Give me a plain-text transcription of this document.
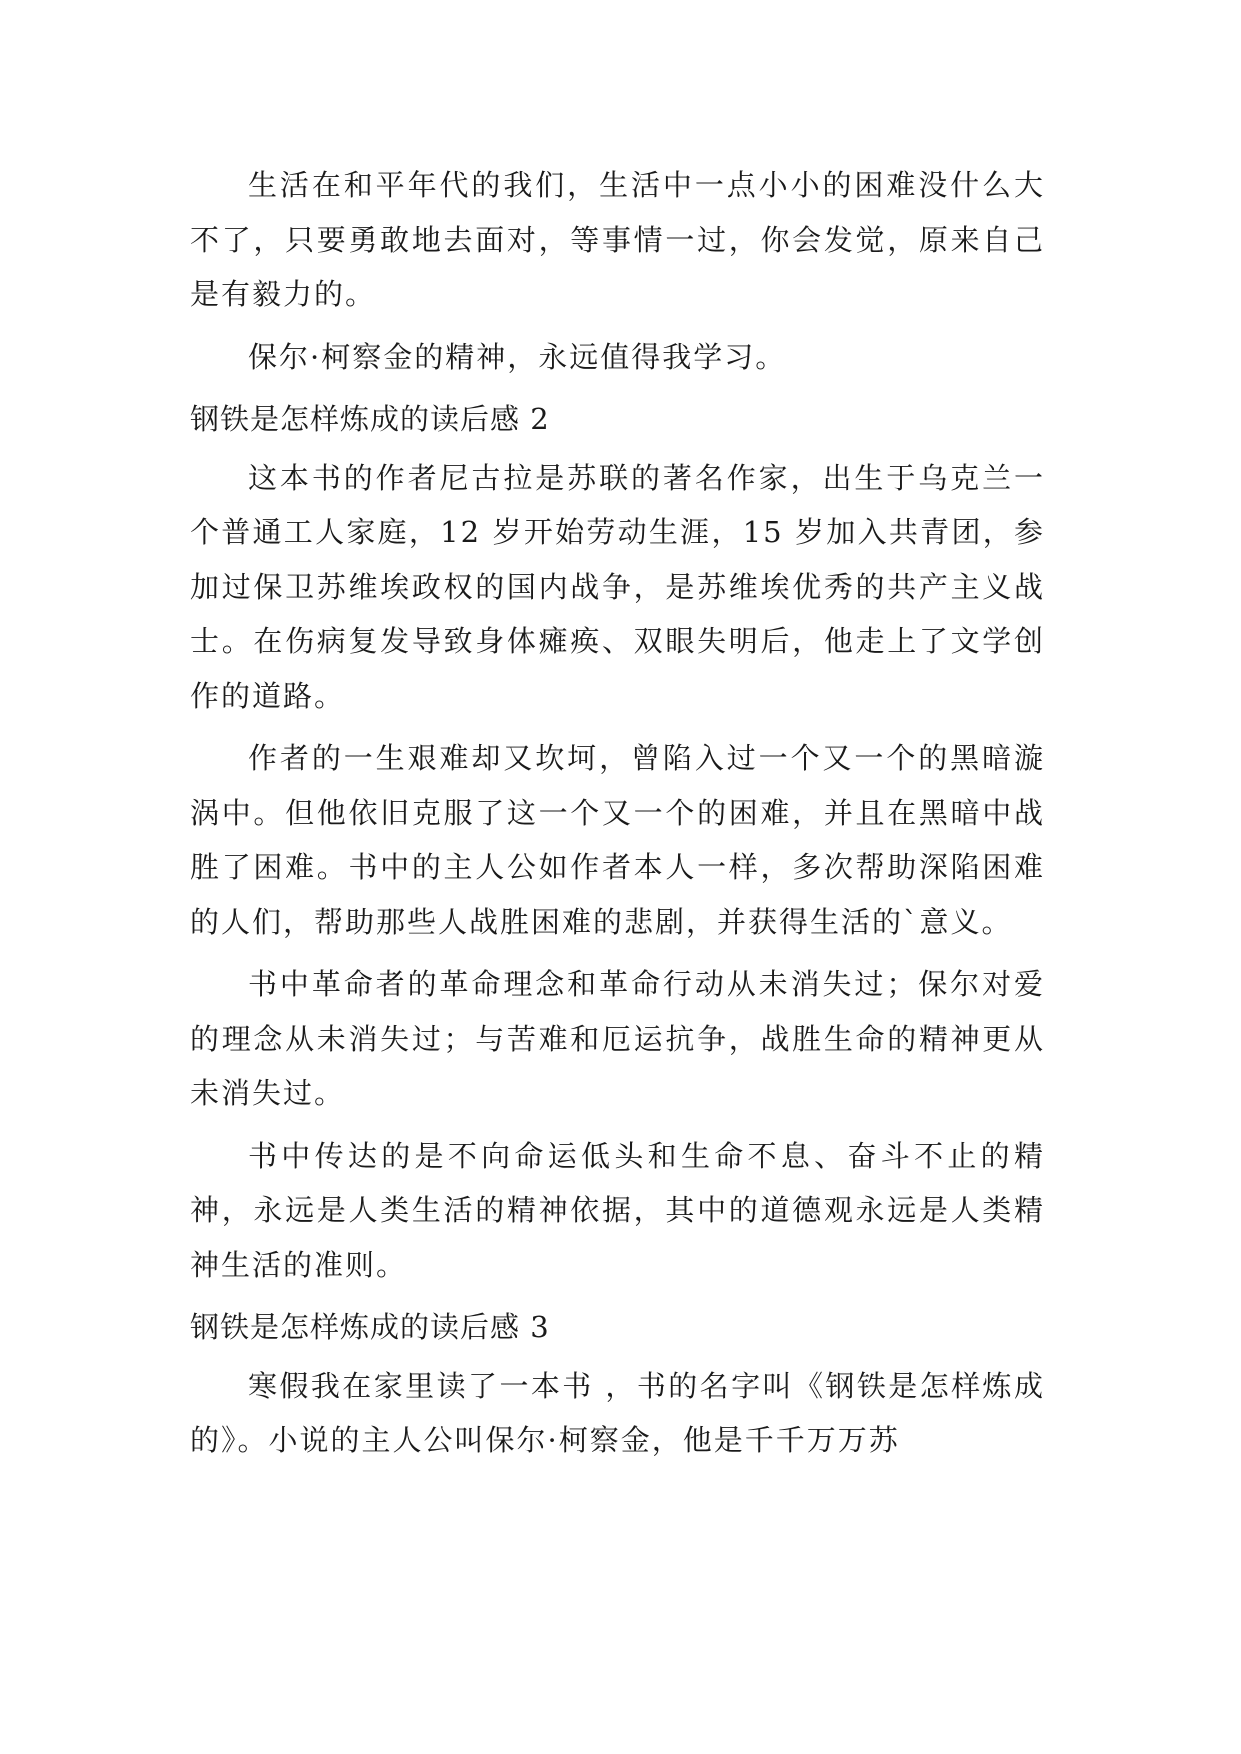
生活在和平年代的我们，生活中一点小小的困难没什么大不了，只要勇敢地去面对，等事情一过，你会发觉，原来自己是有毅力的。

保尔·柯察金的精神，永远值得我学习。

钢铁是怎样炼成的读后感 2

这本书的作者尼古拉是苏联的著名作家，出生于乌克兰一个普通工人家庭，12 岁开始劳动生涯，15 岁加入共青团，参加过保卫苏维埃政权的国内战争，是苏维埃优秀的共产主义战士。在伤病复发导致身体瘫痪、双眼失明后，他走上了文学创作的道路。

作者的一生艰难却又坎坷，曾陷入过一个又一个的黑暗漩涡中。但他依旧克服了这一个又一个的困难，并且在黑暗中战胜了困难。书中的主人公如作者本人一样，多次帮助深陷困难的人们，帮助那些人战胜困难的悲剧，并获得生活的`意义。

书中革命者的革命理念和革命行动从未消失过；保尔对爱的理念从未消失过；与苦难和厄运抗争，战胜生命的精神更从未消失过。

书中传达的是不向命运低头和生命不息、奋斗不止的精神，永远是人类生活的精神依据，其中的道德观永远是人类精神生活的准则。

钢铁是怎样炼成的读后感 3

寒假我在家里读了一本书 ，书的名字叫《钢铁是怎样炼成的》。小说的主人公叫保尔·柯察金，他是千千万万苏
